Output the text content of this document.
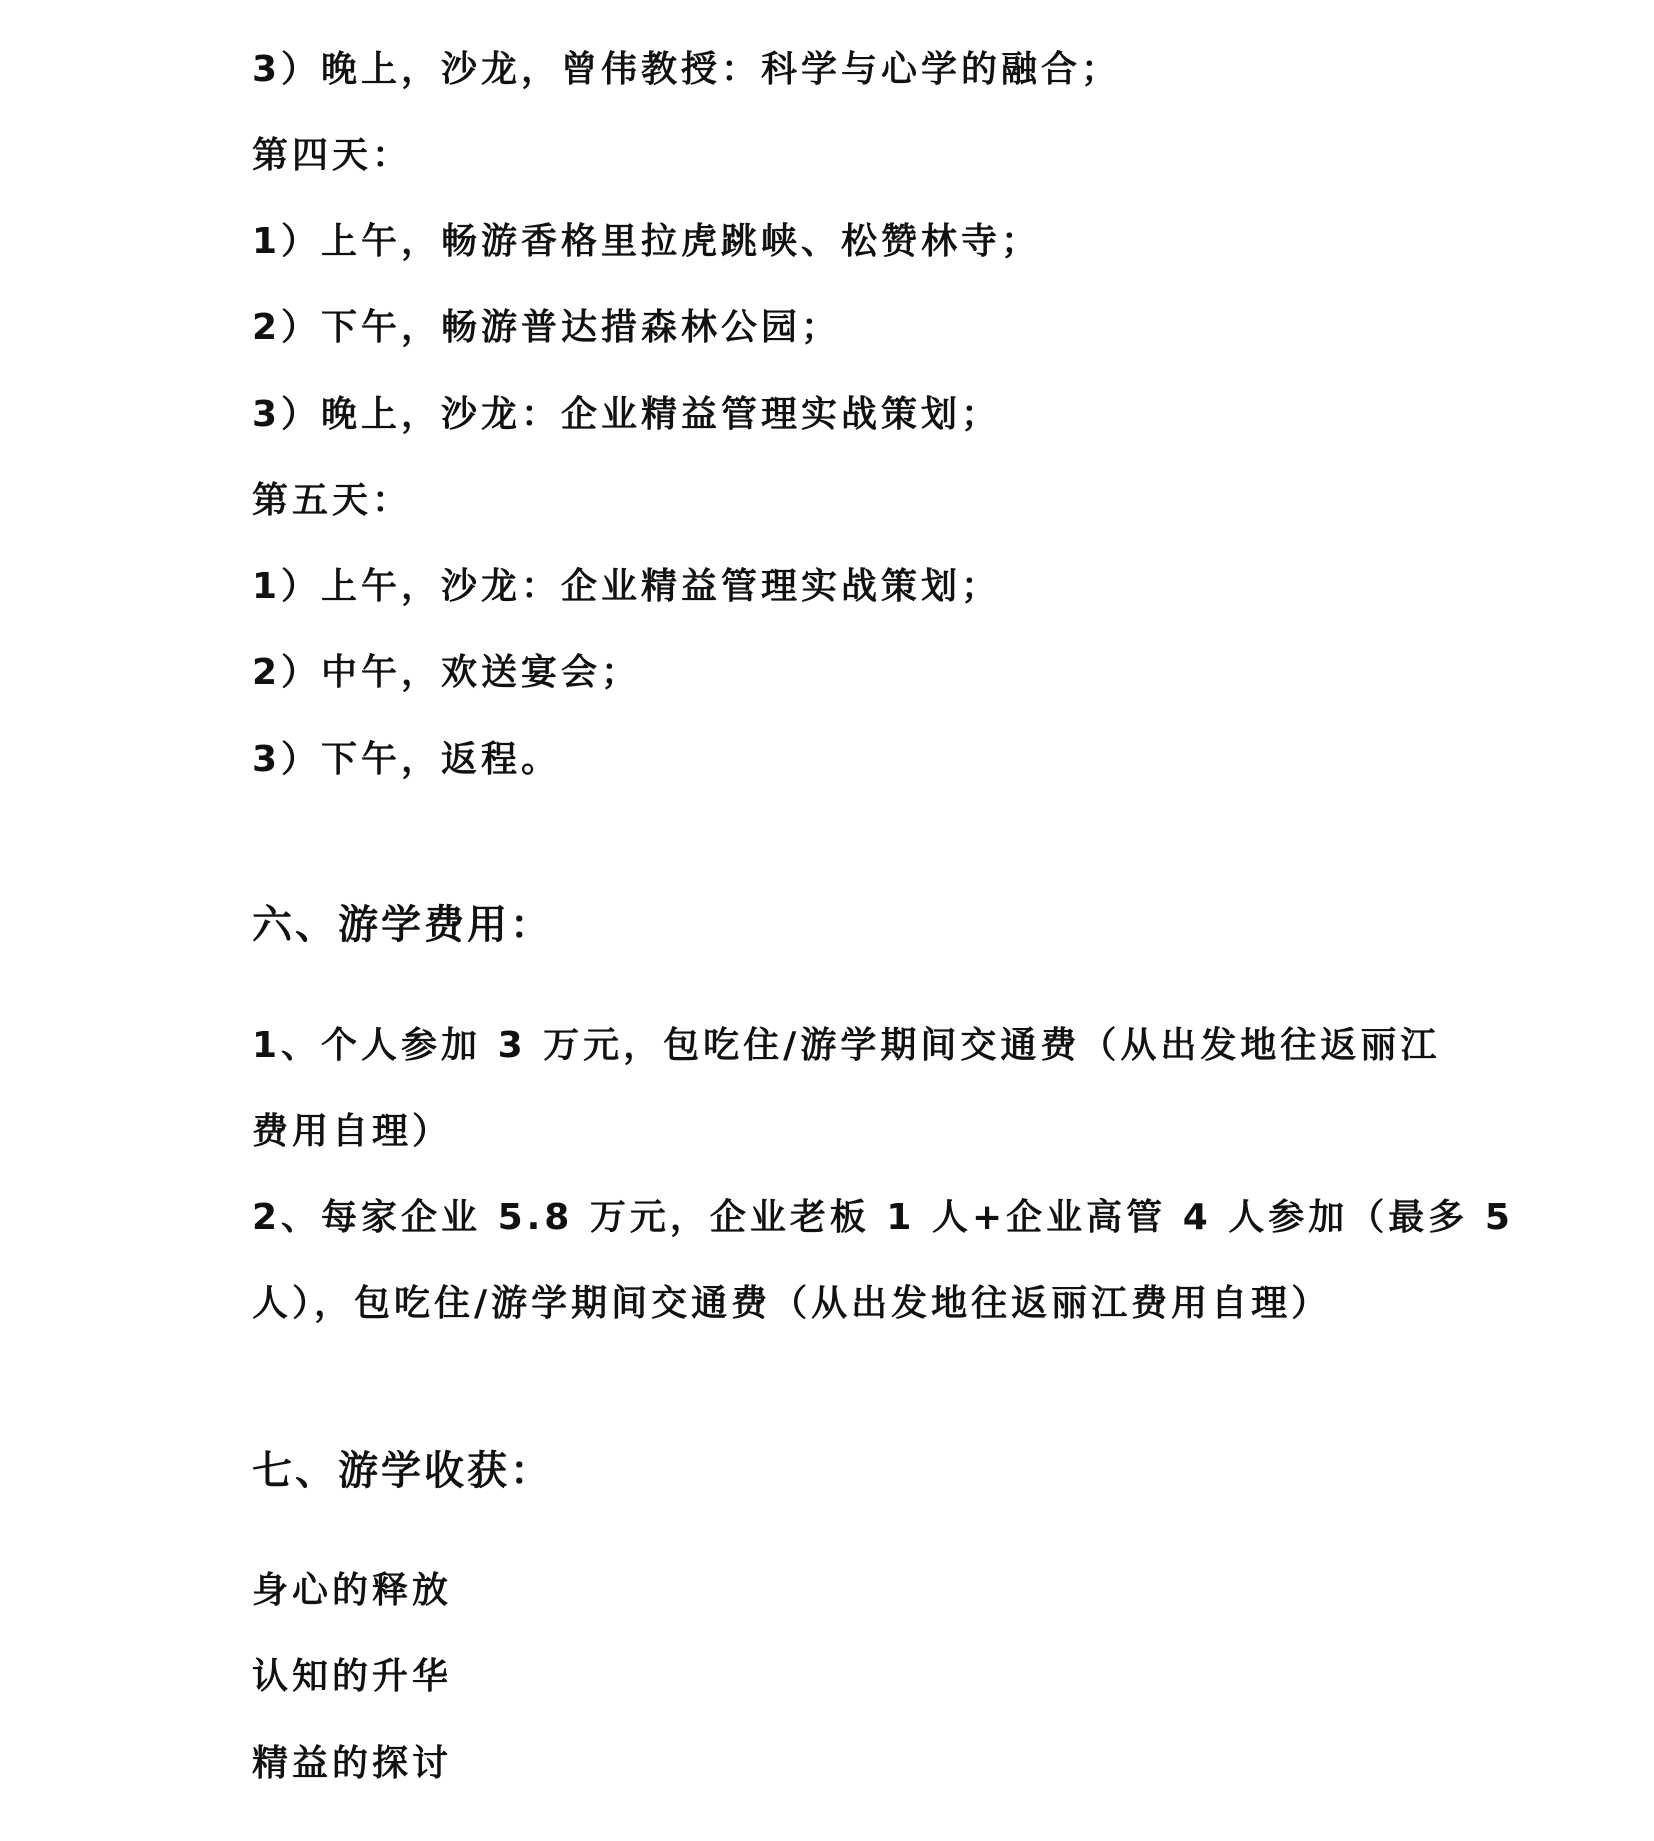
3）晚上，沙龙，曾伟教授：科学与心学的融合；
第四天：
1）上午，畅游香格里拉虎跳峡、松赞林寺；
2）下午，畅游普达措森林公园；
3）晚上，沙龙：企业精益管理实战策划；
第五天：
1）上午，沙龙：企业精益管理实战策划；
2）中午，欢送宴会；
3）下午，返程。
六、游学费用：
1、个人参加 3 万元，包吃住/游学期间交通费（从出发地往返丽江
费用自理）
2、每家企业 5.8 万元，企业老板 1 人+企业高管 4 人参加（最多 5
人），包吃住/游学期间交通费（从出发地往返丽江费用自理）
七、游学收获：
身心的释放
认知的升华
精益的探讨
